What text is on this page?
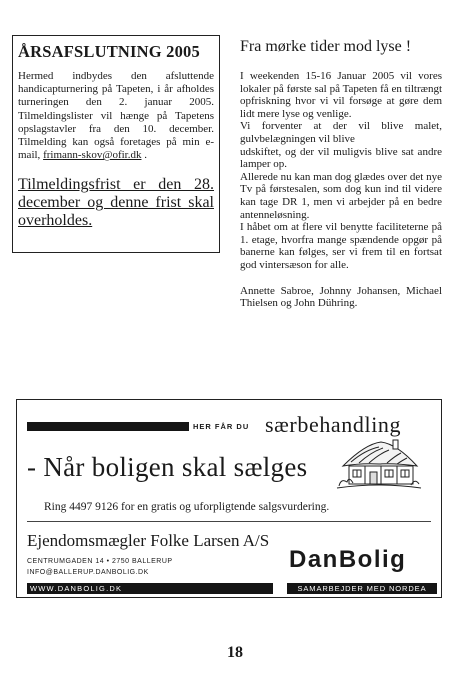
ÅRSAFSLUTNING 2005
Hermed indbydes den afsluttende handicapturnering på Tapeten, i år afholdes turneringen den 2. januar 2005. Tilmeldingslister vil hænge på Tapetens opslagstavler fra den 10. december. Tilmelding kan også foretages på min e-mail, frimann-skov@ofir.dk .
Tilmeldingsfrist er den 28. december og denne frist skal overholdes.
Fra mørke tider mod lyse !

I weekenden 15-16 Januar 2005 vil vores lokaler på første sal på Tapeten få en tiltrængt opfriskning hvor vi vil forsøge at gøre dem lidt mere lyse og venlige.

Vi forventer at der vil blive malet, gulvbelægningen vil blive

udskiftet, og der vil muligvis blive sat andre lamper op.

Allerede nu kan man dog glædes over det nye Tv på førstesalen, som dog kun ind til videre kan tage DR 1, men vi arbejder på en bedre antenneløsning.

I håbet om at flere vil benytte faciliteterne på 1. etage, hvorfra mange spændende opgør på banerne kan følges, ser vi frem til en fortsat god vintersæson for alle.

Annette Sabroe, Johnny Johansen, Michael Thielsen og John Dühring.

HER FÅR DU særbehandling
- Når boligen skal sælges
Ring 4497 9126 for en gratis og uforpligtende salgsvurdering.
Ejendomsmægler Folke Larsen A/S
CENTRUMGADEN 14 • 2750 BALLERUP
INFO@BALLERUP.DANBOLIG.DK
WWW.DANBOLIG.DK
DanBolig
SAMARBEJDER MED NORDEA
18
